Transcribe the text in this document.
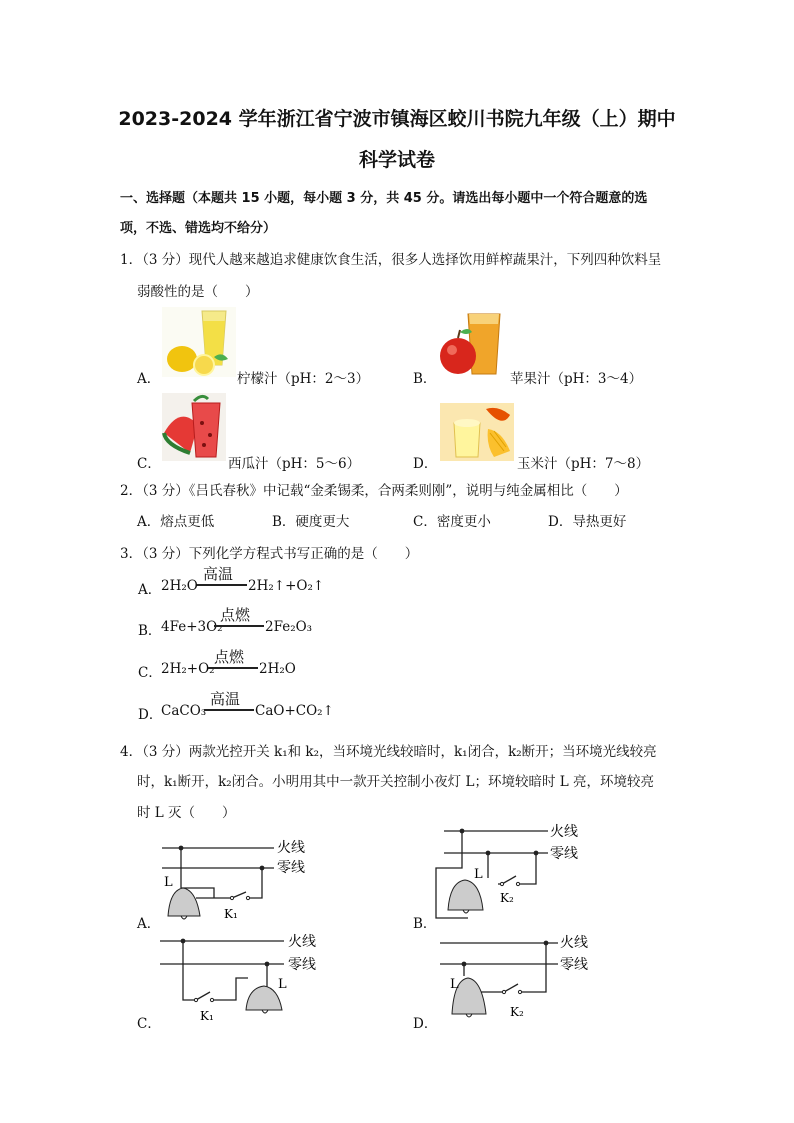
2023-2024 学年浙江省宁波市镇海区蛟川书院九年级（上）期中
科学试卷
一、选择题（本题共 15 小题，每小题 3 分，共 45 分。请选出每小题中一个符合题意的选
项，不选、错选均不给分）
1．（3 分）现代人越来越追求健康饮食生活，很多人选择饮用鲜榨蔬果汁，下列四种饮料呈
弱酸性的是（　　）
A．	柠檬汁（pH：2～3）	B．	苹果汁（pH：3～4）
C．	西瓜汁（pH：5～6）	D．	玉米汁（pH：7～8）
2．（3 分）《吕氏春秋》中记载“金柔锡柔，合两柔则刚”，说明与纯金属相比（　　）
A．熔点更低	B．硬度更大	C．密度更小	D．导热更好
3．（3 分）下列化学方程式书写正确的是（　　）
A． 2H₂O
高温
2H₂↑+O₂↑
B． 4Fe+3O₂
点燃
2Fe₂O₃
C． 2H₂+O₂
点燃
2H₂O
D．
CaCO₃
高温
CaO+CO₂↑
4．（3 分）两款光控开关 k₁和 k₂，当环境光线较暗时，k₁闭合，k₂断开；当环境光线较亮
时，k₁断开，k₂闭合。小明用其中一款开关控制小夜灯 L；环境较暗时 L 亮，环境较亮
时 L 灭（　　）
A．
L
K₁
火线
零线
B．
L
K₂
火线
零线
C．
L
K₁
火线
零线
D．
L
K₂
火线
零线
